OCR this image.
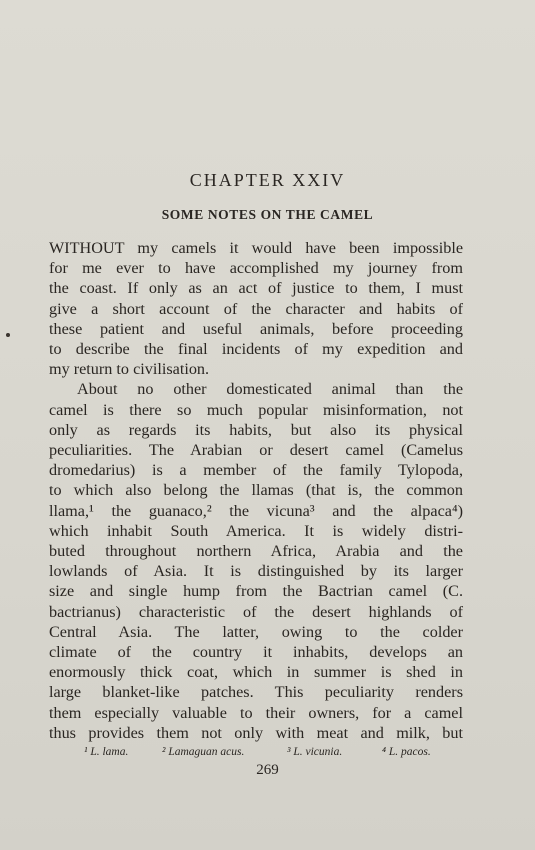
CHAPTER XXIV
SOME NOTES ON THE CAMEL
WITHOUT my camels it would have been impossible
for me ever to have accomplished my journey from
the coast. If only as an act of justice to them, I must
give a short account of the character and habits of
these patient and useful animals, before proceeding
to describe the final incidents of my expedition and
my return to civilisation.
About no other domesticated animal than the
camel is there so much popular misinformation, not
only as regards its habits, but also its physical
peculiarities. The Arabian or desert camel (Camelus
dromedarius) is a member of the family Tylopoda,
to which also belong the llamas (that is, the common
llama,¹ the guanaco,² the vicuna³ and the alpaca⁴)
which inhabit South America. It is widely distri-
buted throughout northern Africa, Arabia and the
lowlands of Asia. It is distinguished by its larger
size and single hump from the Bactrian camel (C.
bactrianus) characteristic of the desert highlands of
Central Asia. The latter, owing to the colder
climate of the country it inhabits, develops an
enormously thick coat, which in summer is shed in
large blanket-like patches. This peculiarity renders
them especially valuable to their owners, for a camel
thus provides them not only with meat and milk, but
¹ L. lama.	² Lamaguan acus.	³ L. vicunia.	⁴ L. pacos.
269
